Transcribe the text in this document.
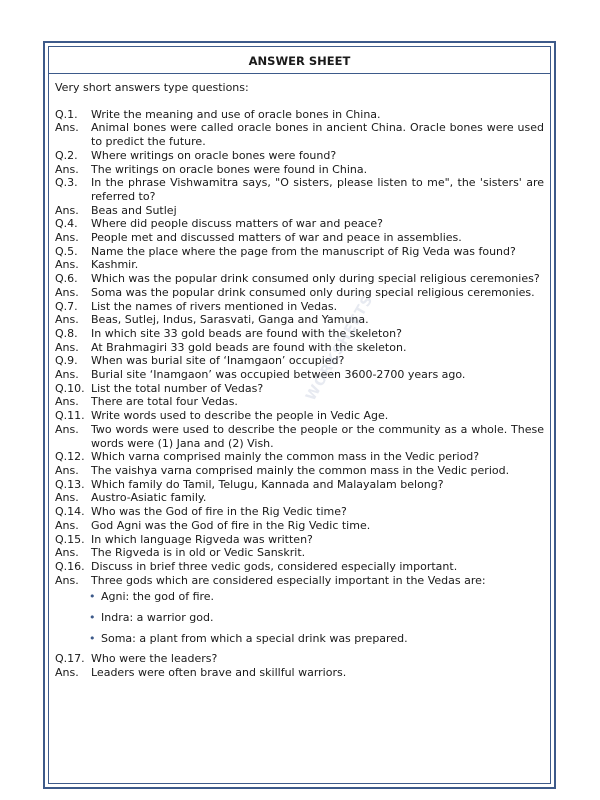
ANSWER SHEET
Very short answers type questions:
Q.1.	Write the meaning and use of oracle bones in China.
Ans.	Animal bones were called oracle bones in ancient China. Oracle bones were used to predict the future.
Q.2.	Where writings on oracle bones were found?
Ans.	The writings on oracle bones were found in China.
Q.3.	In the phrase Vishwamitra says, "O sisters, please listen to me", the 'sisters' are referred to?
Ans.	Beas and Sutlej
Q.4.	Where did people discuss matters of war and peace?
Ans.	People met and discussed matters of war and peace in assemblies.
Q.5.	Name the place where the page from the manuscript of Rig Veda was found?
Ans.	Kashmir.
Q.6.	Which was the popular drink consumed only during special religious ceremonies?
Ans.	Soma was the popular drink consumed only during special religious ceremonies.
Q.7.	List the names of rivers mentioned in Vedas.
Ans.	Beas, Sutlej, Indus, Sarasvati, Ganga and Yamuna.
Q.8.	In which site 33 gold beads are found with the skeleton?
Ans.	At Brahmagiri 33 gold beads are found with the skeleton.
Q.9.	When was burial site of ‘Inamgaon’ occupied?
Ans.	Burial site ‘Inamgaon’ was occupied between 3600-2700 years ago.
Q.10. List the total number of Vedas?
Ans.	There are total four Vedas.
Q.11. Write words used to describe the people in Vedic Age.
Ans.	Two words were used to describe the people or the community as a whole. These words were (1) Jana and (2) Vish.
Q.12. Which varna comprised mainly the common mass in the Vedic period?
Ans.	The vaishya varna comprised mainly the common mass in the Vedic period.
Q.13. Which family do Tamil, Telugu, Kannada and Malayalam belong?
Ans.	Austro-Asiatic family.
Q.14. Who was the God of fire in the Rig Vedic time?
Ans.	God Agni was the God of fire in the Rig Vedic time.
Q.15. In which language Rigveda was written?
Ans.	The Rigveda is in old or Vedic Sanskrit.
Q.16. Discuss in brief three vedic gods, considered especially important.
Ans.	Three gods which are considered especially important in the Vedas are:
• Agni: the god of fire.
• Indra: a warrior god.
• Soma: a plant from which a special drink was prepared.
Q.17. Who were the leaders?
Ans.	Leaders were often brave and skillful warriors.
WORKSHEETS
